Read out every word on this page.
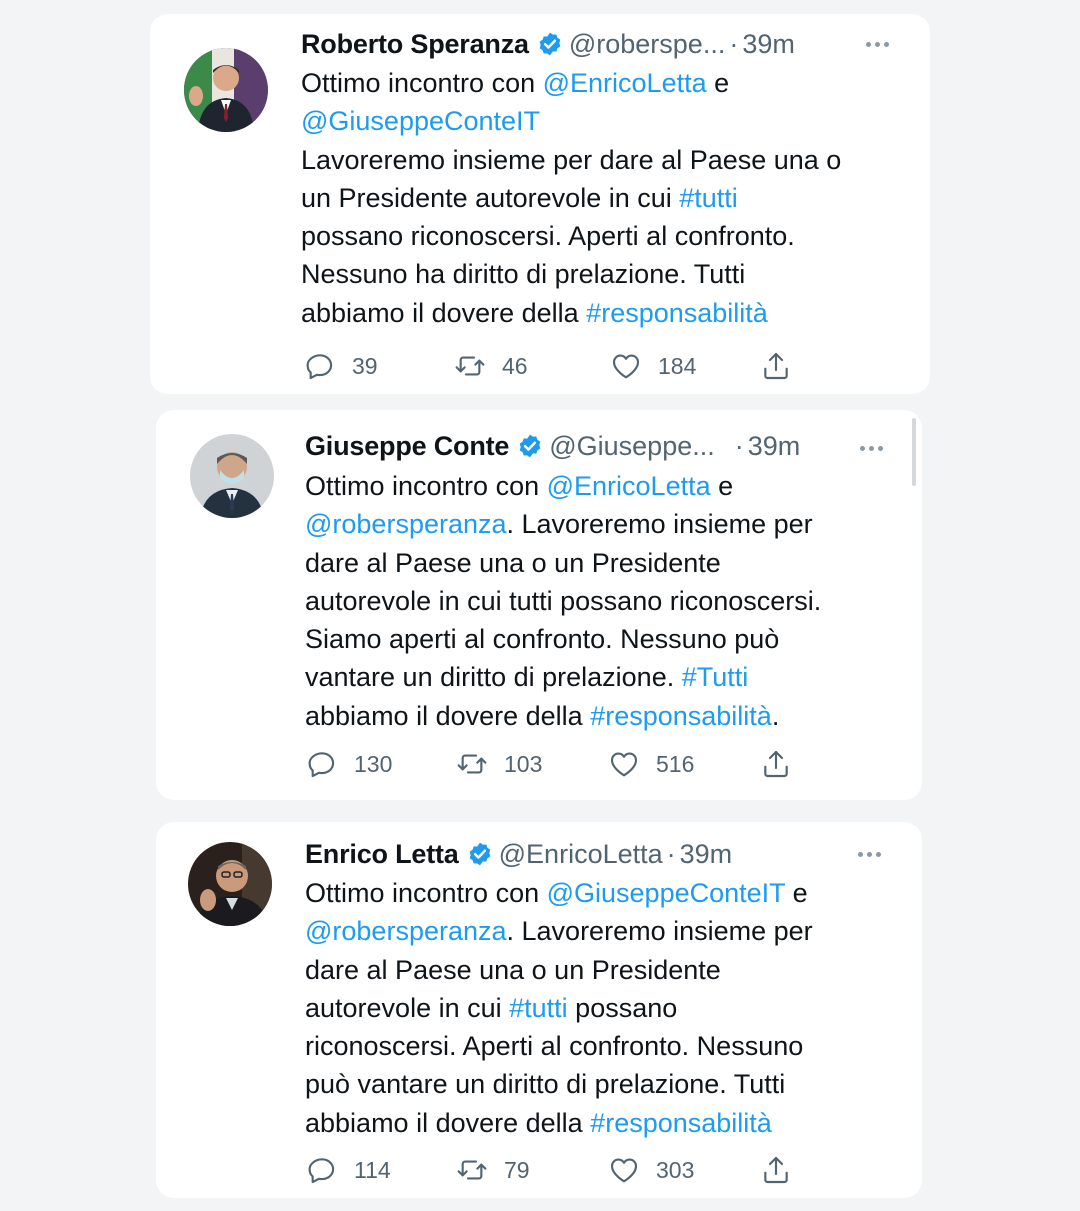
Roberto Speranza @roberspe... · 39m
Ottimo incontro con @EnricoLetta e
@GiuseppeConteIT
Lavoreremo insieme per dare al Paese una o
un Presidente autorevole in cui #tutti
possano riconoscersi. Aperti al confronto.
Nessuno ha diritto di prelazione. Tutti
abbiamo il dovere della #responsabilità
39	46	184
Giuseppe Conte @Giuseppe... · 39m
Ottimo incontro con @EnricoLetta e
@robersperanza. Lavoreremo insieme per
dare al Paese una o un Presidente
autorevole in cui tutti possano riconoscersi.
Siamo aperti al confronto. Nessuno può
vantare un diritto di prelazione. #Tutti
abbiamo il dovere della #responsabilità.
130	103	516
Enrico Letta @EnricoLetta · 39m
Ottimo incontro con @GiuseppeConteIT e
@robersperanza. Lavoreremo insieme per
dare al Paese una o un Presidente
autorevole in cui #tutti possano
riconoscersi. Aperti al confronto. Nessuno
può vantare un diritto di prelazione. Tutti
abbiamo il dovere della #responsabilità
114	79	303
